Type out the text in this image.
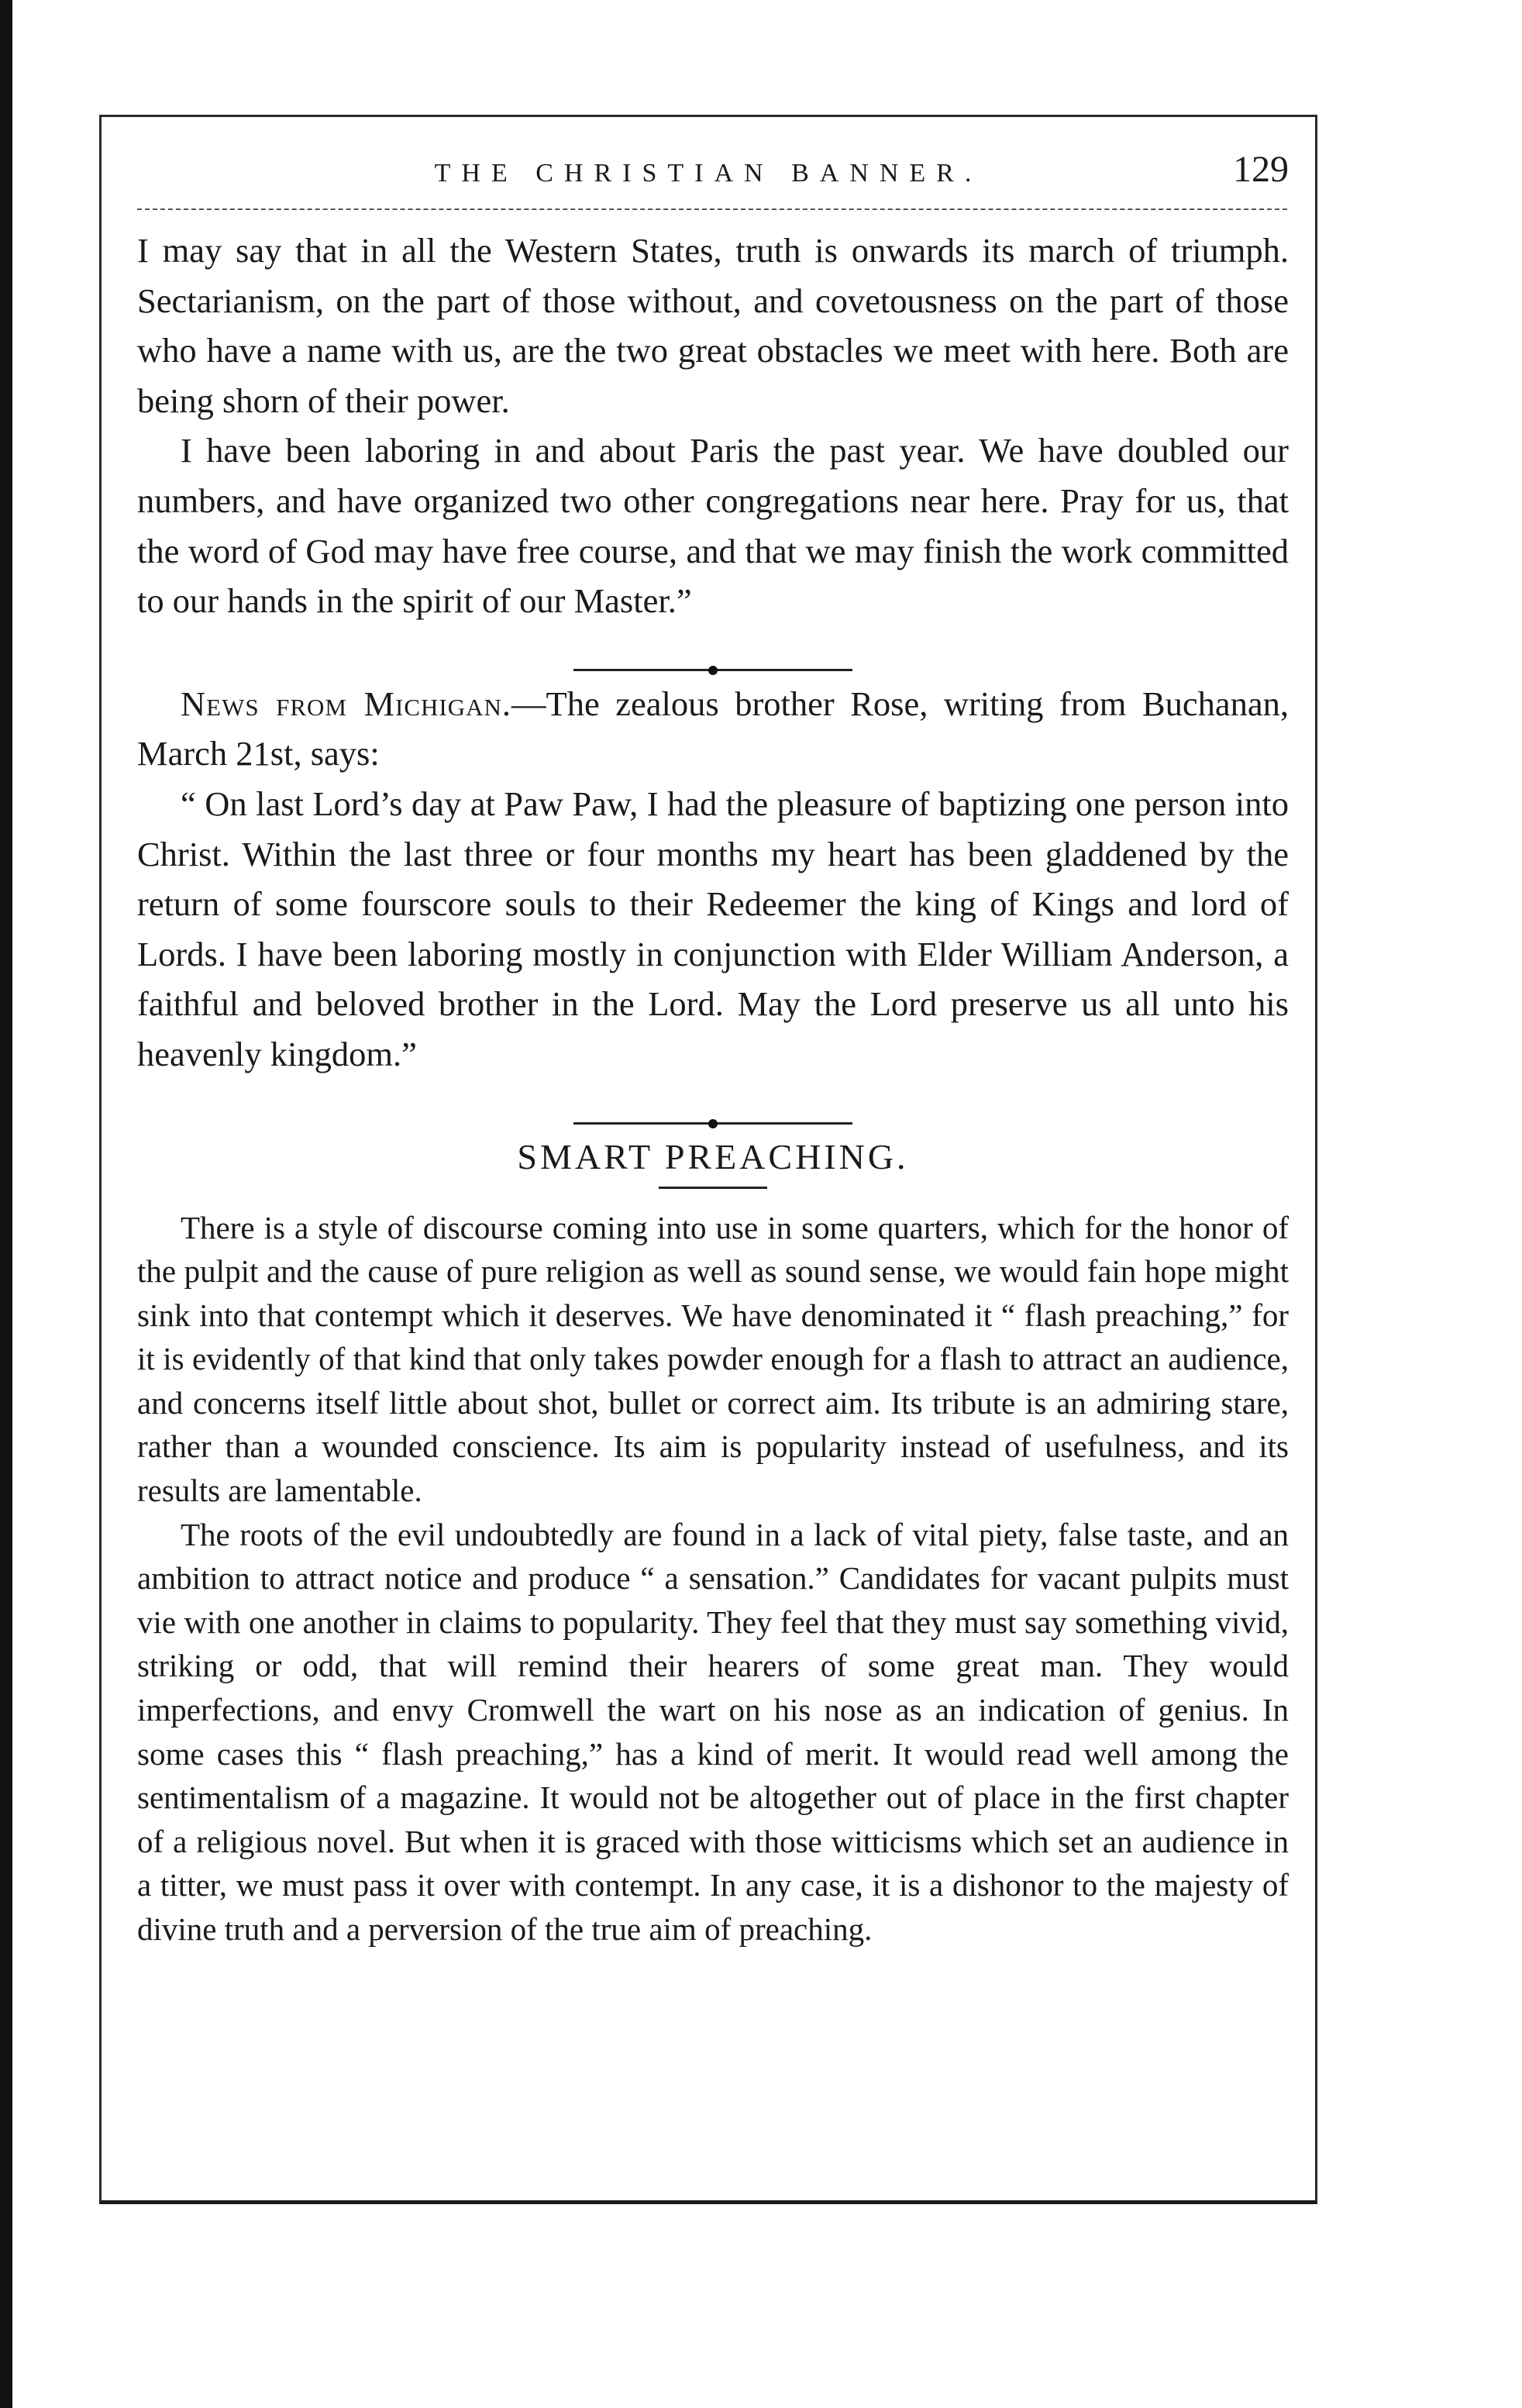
THE CHRISTIAN BANNER.	129

I may say that in all the Western States, truth is onwards its march of triumph. Sectarianism, on the part of those without, and covetousness on the part of those who have a name with us, are the two great obstacles we meet with here. Both are being shorn of their power.

I have been laboring in and about Paris the past year. We have doubled our numbers, and have organized two other congregations near here. Pray for us, that the word of God may have free course, and that we may finish the work committed to our hands in the spirit of our Master.”

News from Michigan.—The zealous brother Rose, writing from Buchanan, March 21st, says:

“ On last Lord’s day at Paw Paw, I had the pleasure of baptizing one person into Christ. Within the last three or four months my heart has been gladdened by the return of some fourscore souls to their Redeemer the king of Kings and lord of Lords. I have been laboring mostly in conjunction with Elder William Anderson, a faithful and beloved brother in the Lord. May the Lord preserve us all unto his heavenly kingdom.”

SMART PREACHING.

There is a style of discourse coming into use in some quarters, which for the honor of the pulpit and the cause of pure religion as well as sound sense, we would fain hope might sink into that contempt which it deserves. We have denominated it “ flash preaching,” for it is evidently of that kind that only takes powder enough for a flash to attract an audience, and concerns itself little about shot, bullet or correct aim. Its tribute is an admiring stare, rather than a wounded conscience. Its aim is popularity instead of usefulness, and its results are lamentable.

The roots of the evil undoubtedly are found in a lack of vital piety, false taste, and an ambition to attract notice and produce “ a sensation.” Candidates for vacant pulpits must vie with one another in claims to popularity. They feel that they must say something vivid, striking or odd, that will remind their hearers of some great man. They would imperfections, and envy Cromwell the wart on his nose as an indication of genius. In some cases this “ flash preaching,” has a kind of merit. It would read well among the sentimentalism of a magazine. It would not be altogether out of place in the first chapter of a religious novel. But when it is graced with those witticisms which set an audience in a titter, we must pass it over with contempt. In any case, it is a dishonor to the majesty of divine truth and a perversion of the true aim of preaching.
